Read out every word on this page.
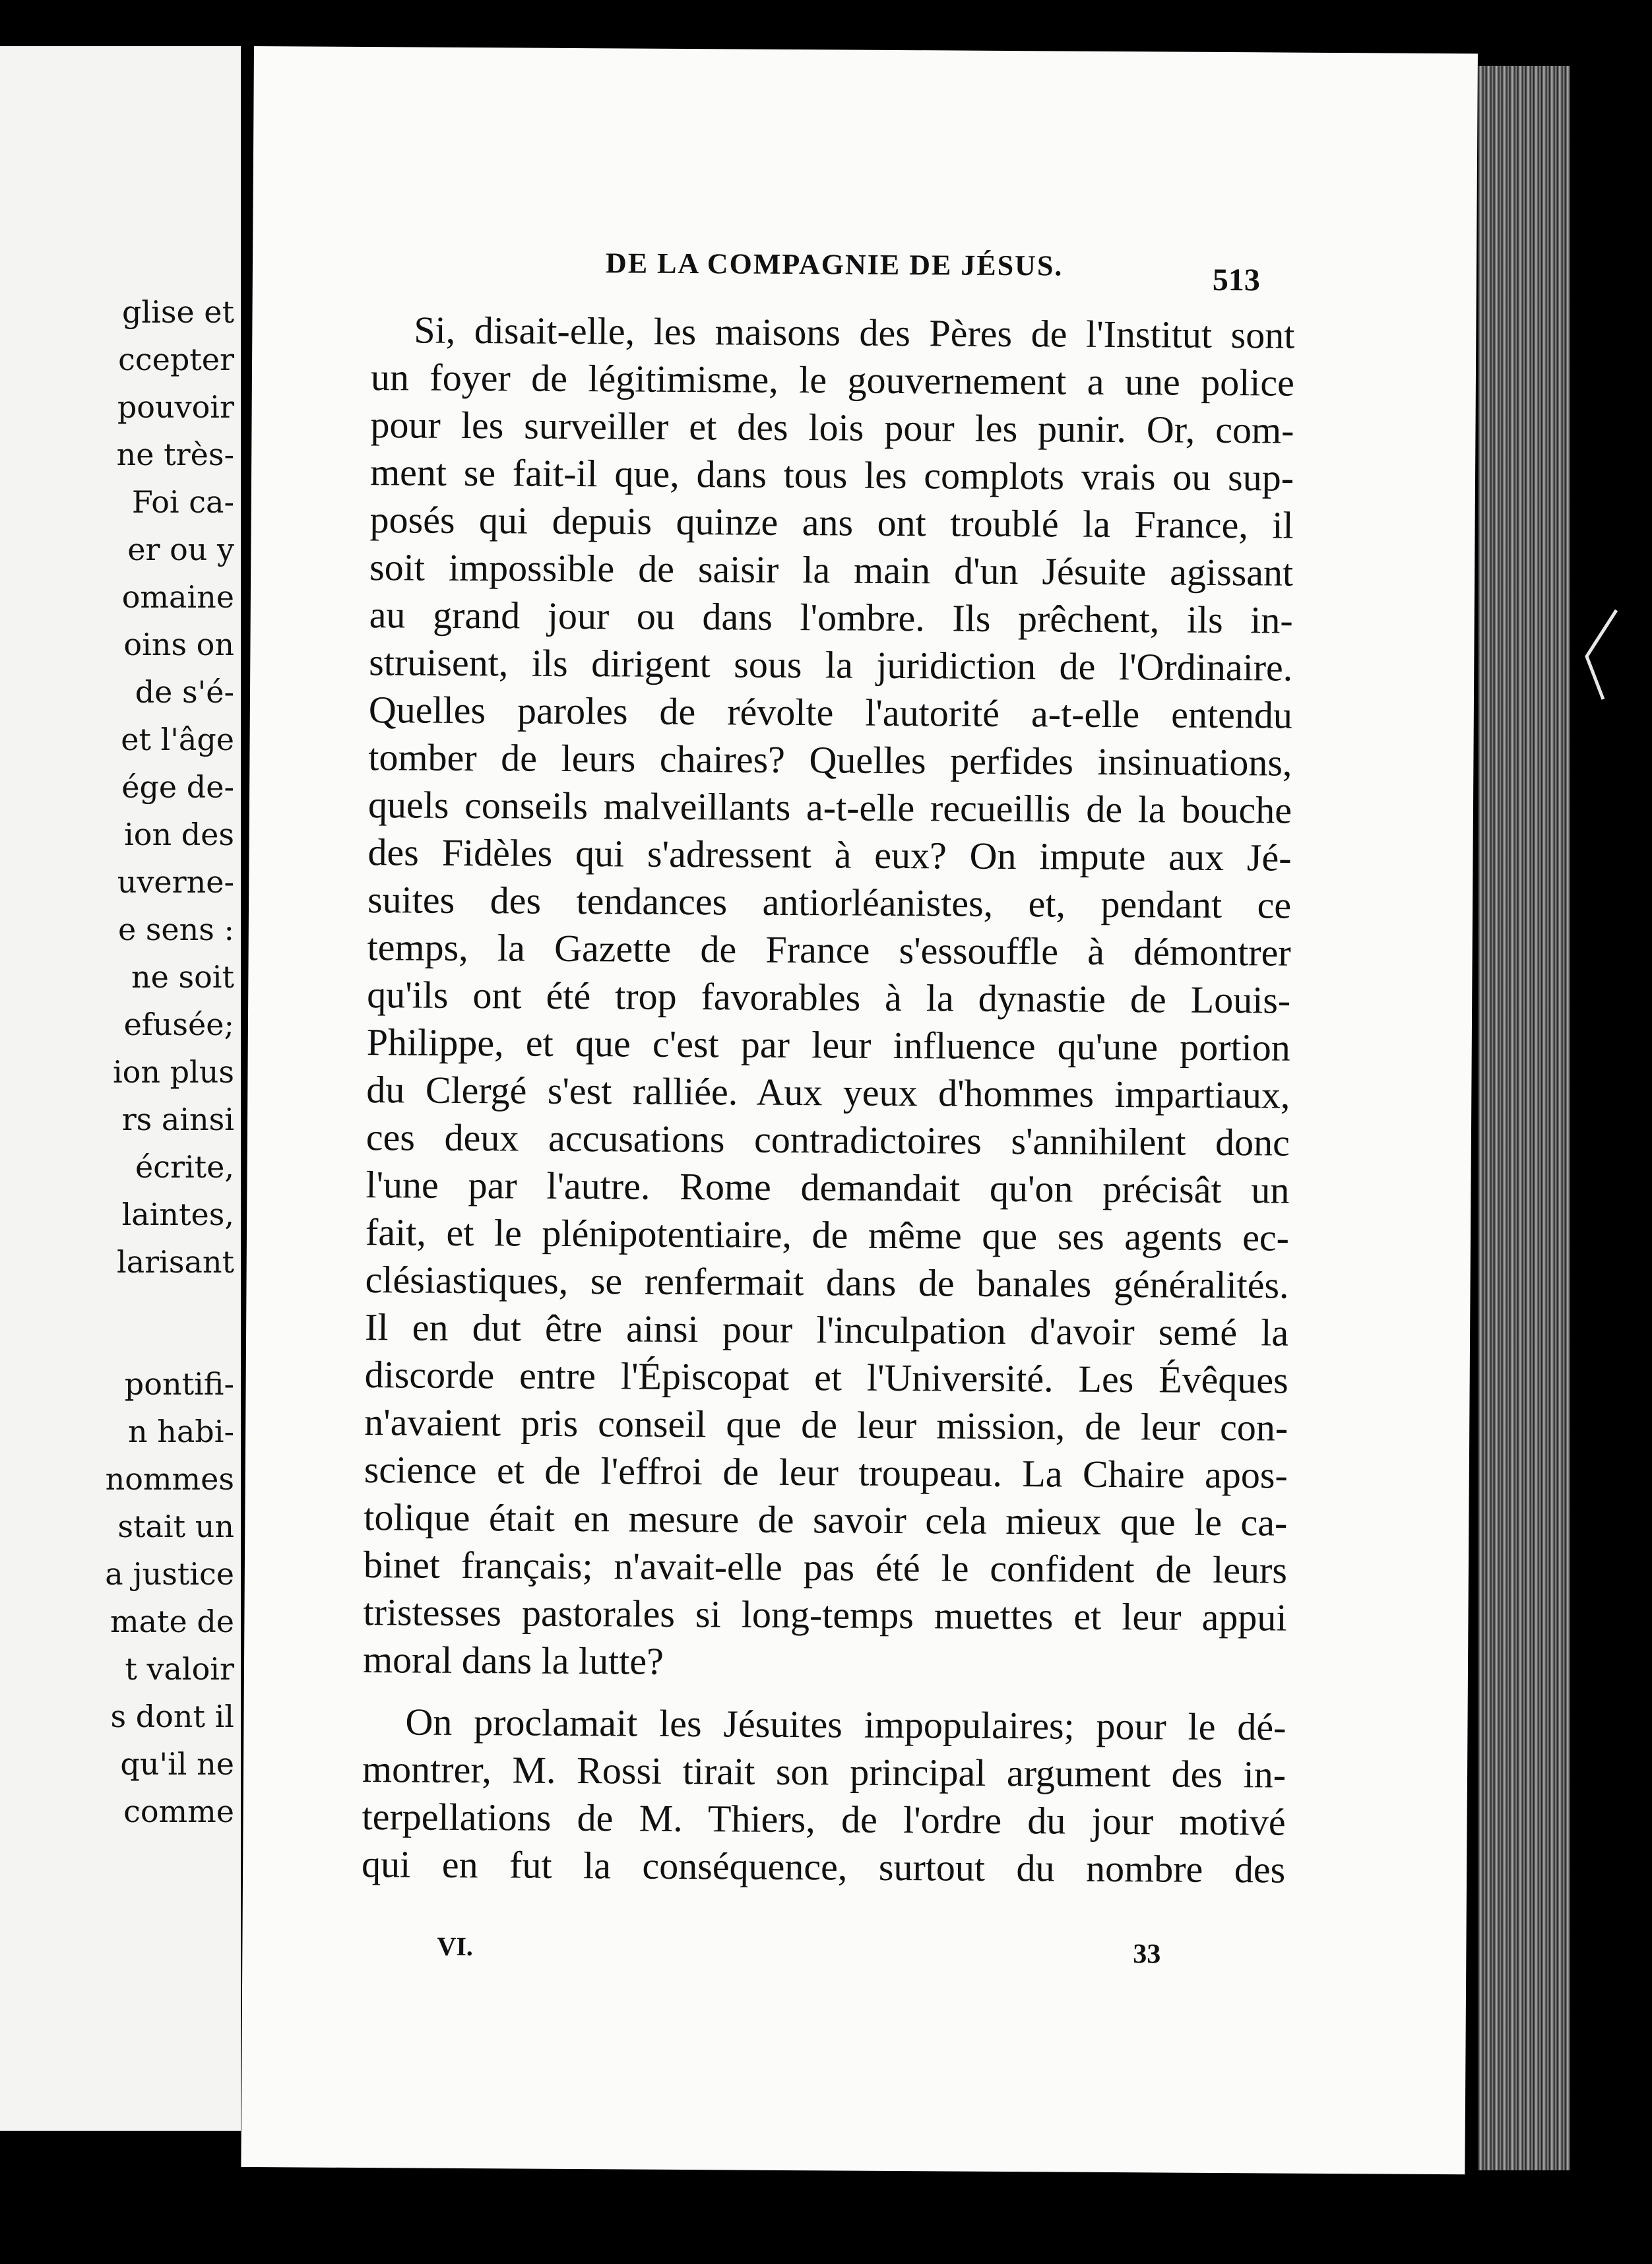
glise et
ccepter
pouvoir
ne très-
Foi ca-
er ou y
omaine
oins on
de s'é-
et l'âge
ége de-
ion des
uverne-
e sens :
ne soit
efusée;
ion plus
rs ainsi
écrite,
laintes,
larisant
pontifi-
n habi-
nommes
stait un
a justice
mate de
t valoir
s dont il
qu'il ne
comme
DE LA COMPAGNIE DE JÉSUS.	513
Si, disait-elle, les maisons des Pères de l'Institut sont
un foyer de légitimisme, le gouvernement a une police
pour les surveiller et des lois pour les punir. Or, com-
ment se fait-il que, dans tous les complots vrais ou sup-
posés qui depuis quinze ans ont troublé la France, il
soit impossible de saisir la main d'un Jésuite agissant
au grand jour ou dans l'ombre. Ils prêchent, ils in-
struisent, ils dirigent sous la juridiction de l'Ordinaire.
Quelles paroles de révolte l'autorité a-t-elle entendu
tomber de leurs chaires? Quelles perfides insinuations,
quels conseils malveillants a-t-elle recueillis de la bouche
des Fidèles qui s'adressent à eux? On impute aux Jé-
suites des tendances antiorléanistes, et, pendant ce
temps, la Gazette de France s'essouffle à démontrer
qu'ils ont été trop favorables à la dynastie de Louis-
Philippe, et que c'est par leur influence qu'une portion
du Clergé s'est ralliée. Aux yeux d'hommes impartiaux,
ces deux accusations contradictoires s'annihilent donc
l'une par l'autre. Rome demandait qu'on précisât un
fait, et le plénipotentiaire, de même que ses agents ec-
clésiastiques, se renfermait dans de banales généralités.
Il en dut être ainsi pour l'inculpation d'avoir semé la
discorde entre l'Épiscopat et l'Université. Les Évêques
n'avaient pris conseil que de leur mission, de leur con-
science et de l'effroi de leur troupeau. La Chaire apos-
tolique était en mesure de savoir cela mieux que le ca-
binet français; n'avait-elle pas été le confident de leurs
tristesses pastorales si long-temps muettes et leur appui
moral dans la lutte?
On proclamait les Jésuites impopulaires; pour le dé-
montrer, M. Rossi tirait son principal argument des in-
terpellations de M. Thiers, de l'ordre du jour motivé
qui en fut la conséquence, surtout du nombre des
VI.	33
